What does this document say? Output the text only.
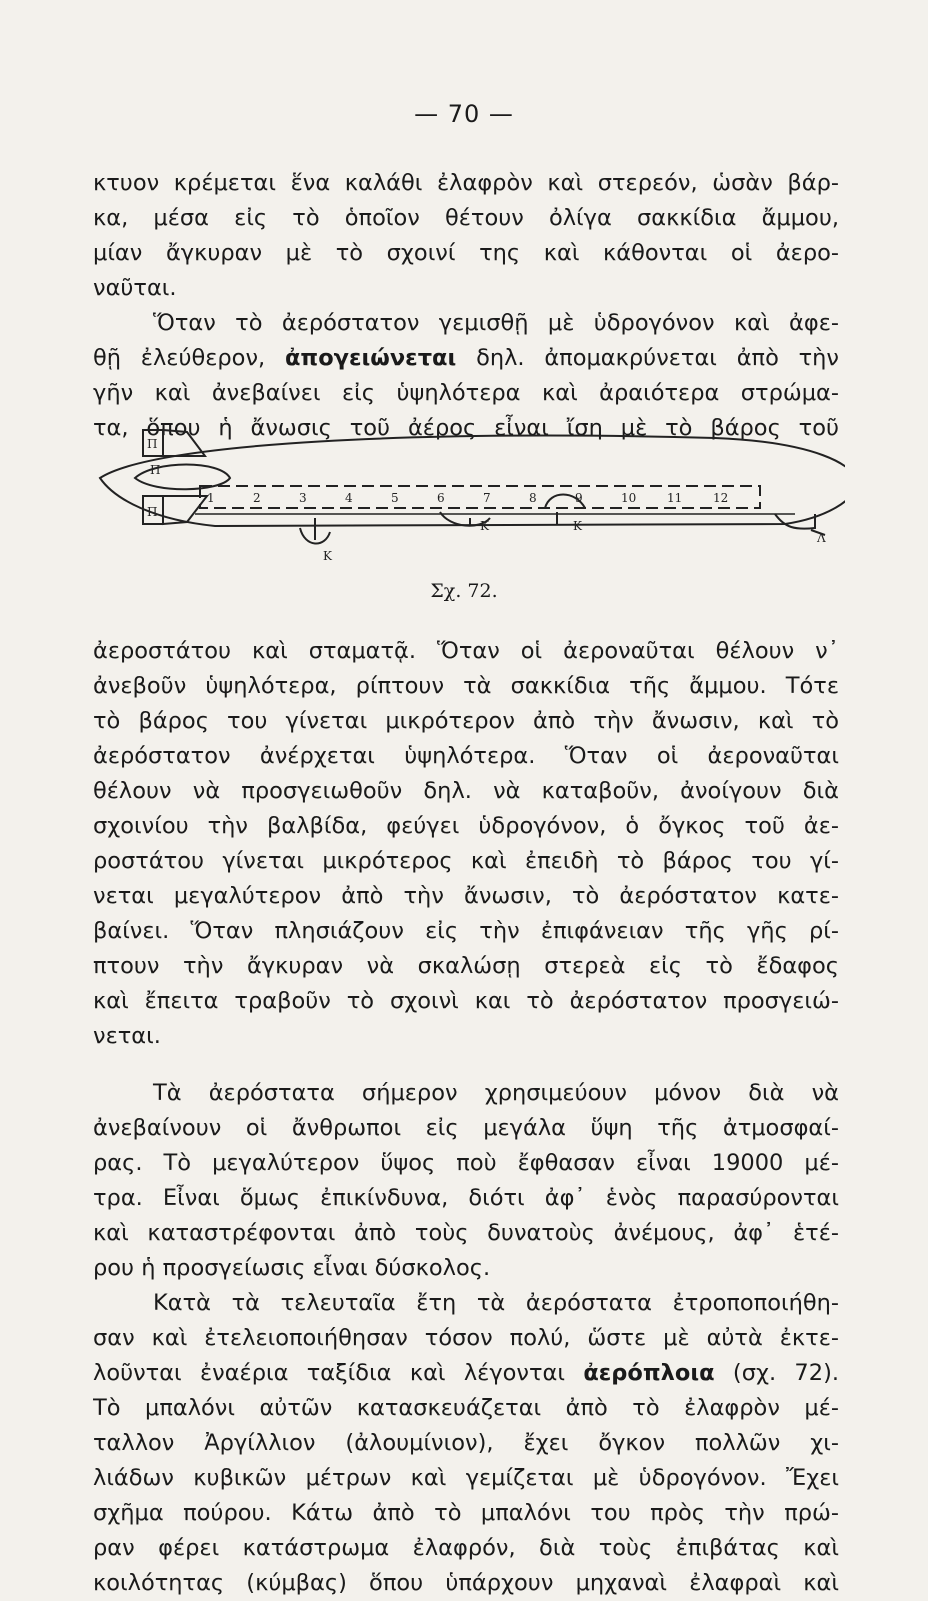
— 70 —
κτυον κρέμεται ἕνα καλάθι ἐλαφρὸν καὶ στερεόν, ὡσὰν βάρ-
κα, μέσα εἰς τὸ ὁποῖον θέτουν ὀλίγα σακκίδια ἄμμου,
μίαν ἄγκυραν μὲ τὸ σχοινί της καὶ κάθονται οἱ ἀερο-
ναῦται.
Ὅταν τὸ ἀερόστατον γεμισθῇ μὲ ὑδρογόνον καὶ ἀφε-
θῇ ἐλεύθερον, ἀπογειώνεται δηλ. ἀπομακρύνεται ἀπὸ τὴν
γῆν καὶ ἀνεβαίνει εἰς ὑψηλότερα καὶ ἀραιότερα στρώμα-
τα, ὅπου ἡ ἄνωσις τοῦ ἀέρος εἶναι ἴση μὲ τὸ βάρος τοῦ
1	2	3	4	5	6	7	8	9	10	11	12
Π
Π
Π
Κ
Κ	Κ
Λ
Σχ. 72.
ἀεροστάτου καὶ σταματᾷ. Ὅταν οἱ ἀεροναῦται θέλουν ν᾽
ἀνεβοῦν ὑψηλότερα, ρίπτουν τὰ σακκίδια τῆς ἄμμου. Τότε
τὸ βάρος του γίνεται μικρότερον ἀπὸ τὴν ἄνωσιν, καὶ τὸ
ἀερόστατον ἀνέρχεται ὑψηλότερα. Ὅταν οἱ ἀεροναῦται
θέλουν νὰ προσγειωθοῦν δηλ. νὰ καταβοῦν, ἀνοίγουν διὰ
σχοινίου τὴν βαλβίδα, φεύγει ὑδρογόνον, ὁ ὄγκος τοῦ ἀε-
ροστάτου γίνεται μικρότερος καὶ ἐπειδὴ τὸ βάρος του γί-
νεται μεγαλύτερον ἀπὸ τὴν ἄνωσιν, τὸ ἀερόστατον κατε-
βαίνει. Ὅταν πλησιάζουν εἰς τὴν ἐπιφάνειαν τῆς γῆς ρί-
πτουν τὴν ἄγκυραν νὰ σκαλώσῃ στερεὰ εἰς τὸ ἔδαφος
καὶ ἔπειτα τραβοῦν τὸ σχοινὶ και τὸ ἀερόστατον προσγειώ-
νεται.
Τὰ ἀερόστατα σήμερον χρησιμεύουν μόνον διὰ νὰ
ἀνεβαίνουν οἱ ἄνθρωποι εἰς μεγάλα ὕψη τῆς ἀτμοσφαί-
ρας. Τὸ μεγαλύτερον ὕψος ποὺ ἔφθασαν εἶναι 19000 μέ-
τρα. Εἶναι ὅμως ἐπικίνδυνα, διότι ἀφ᾽ ἑνὸς παρασύρονται
καὶ καταστρέφονται ἀπὸ τοὺς δυνατοὺς ἀνέμους, ἀφ᾽ ἑτέ-
ρου ἡ προσγείωσις εἶναι δύσκολος.
Κατὰ τὰ τελευταῖα ἔτη τὰ ἀερόστατα ἐτροποποιήθη-
σαν καὶ ἐτελειοποιήθησαν τόσον πολύ, ὥστε μὲ αὐτὰ ἐκτε-
λοῦνται ἐναέρια ταξίδια καὶ λέγονται ἀερόπλοια (σχ. 72).
Τὸ μπαλόνι αὐτῶν κατασκευάζεται ἀπὸ τὸ ἐλαφρὸν μέ-
ταλλον Ἀργίλλιον (ἀλουμίνιον), ἔχει ὄγκον πολλῶν χι-
λιάδων κυβικῶν μέτρων καὶ γεμίζεται μὲ ὑδρογόνον. Ἔχει
σχῆμα πούρου. Κάτω ἀπὸ τὸ μπαλόνι του πρὸς τὴν πρώ-
ραν φέρει κατάστρωμα ἐλαφρόν, διὰ τοὺς ἐπιβάτας καὶ
κοιλότητας (κύμβας) ὅπου ὑπάρχουν μηχαναὶ ἐλαφραὶ καὶ
